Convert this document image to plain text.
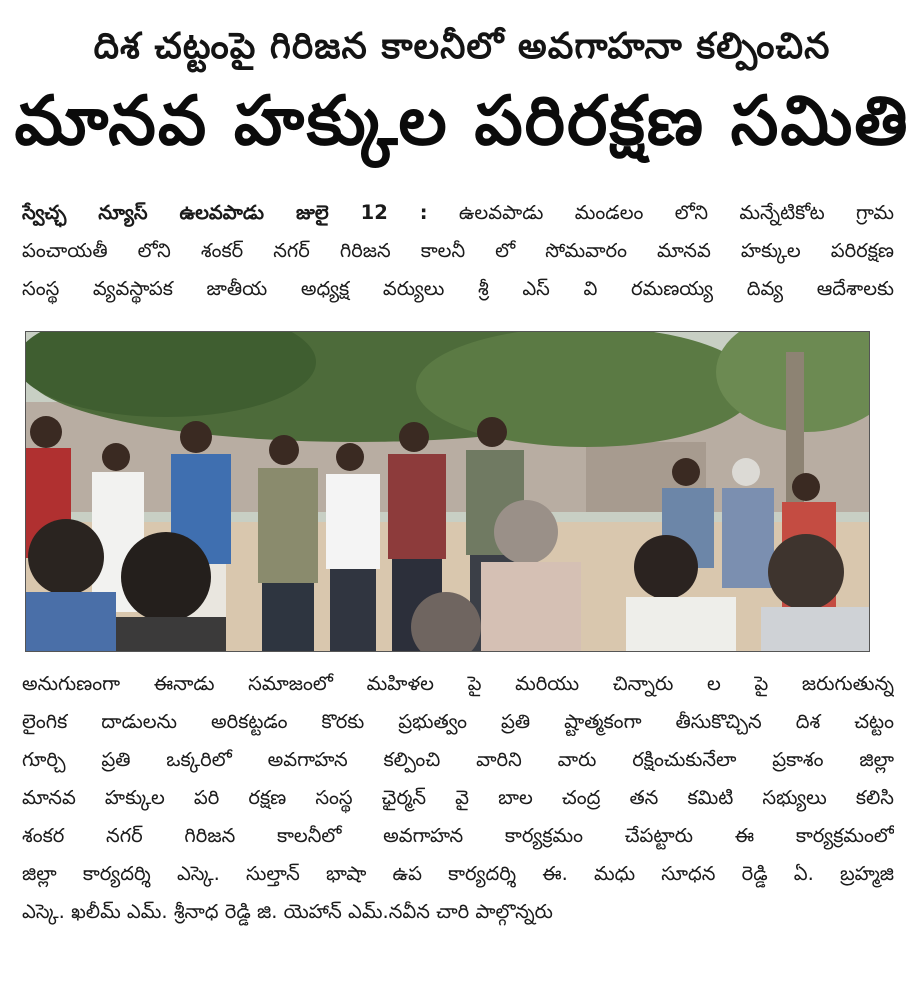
దిశ చట్టంపై గిరిజన కాలనీలో అవగాహనా కల్పించిన
మానవ హక్కుల పరిరక్షణ సమితి
స్వేచ్ఛ న్యూస్ ఉలవపాడు జులై 12 : ఉలవపాడు మండలం లోని మన్నేటికోట గ్రామ
పంచాయతీ లోని శంకర్ నగర్ గిరిజన కాలనీ లో సోమవారం మానవ హక్కుల పరిరక్షణ
సంస్థ వ్యవస్థాపక జాతీయ అధ్యక్ష వర్యులు శ్రీ ఎస్ వి రమణయ్య దివ్య ఆదేశాలకు
అనుగుణంగా ఈనాడు సమాజంలో మహిళల పై మరియు చిన్నారు ల పై జరుగుతున్న
లైంగిక దాడులను అరికట్టడం కొరకు ప్రభుత్వం ప్రతి ష్టాత్మకంగా తీసుకొచ్చిన దిశ చట్టం
గూర్చి ప్రతి ఒక్కరిలో అవగాహన కల్పించి వారిని వారు రక్షించుకునేలా ప్రకాశం జిల్లా
మానవ హక్కుల పరి రక్షణ సంస్థ ఛైర్మన్ వై బాల చంద్ర తన కమిటి సభ్యులు కలిసి
శంకర నగర్ గిరిజన కాలనీలో అవగాహన కార్యక్రమం చేపట్టారు ఈ కార్యక్రమంలో
జిల్లా కార్యదర్శి ఎస్కె. సుల్తాన్ భాషా ఉప కార్యదర్శి ఈ. మధు సూధన రెడ్డి ఏ. బ్రహ్మజి
ఎస్కె. ఖలీమ్ ఎమ్. శ్రీనాధ రెడ్డి జి. యెహాన్ ఎమ్.నవీన చారి పాల్గొన్నరు
